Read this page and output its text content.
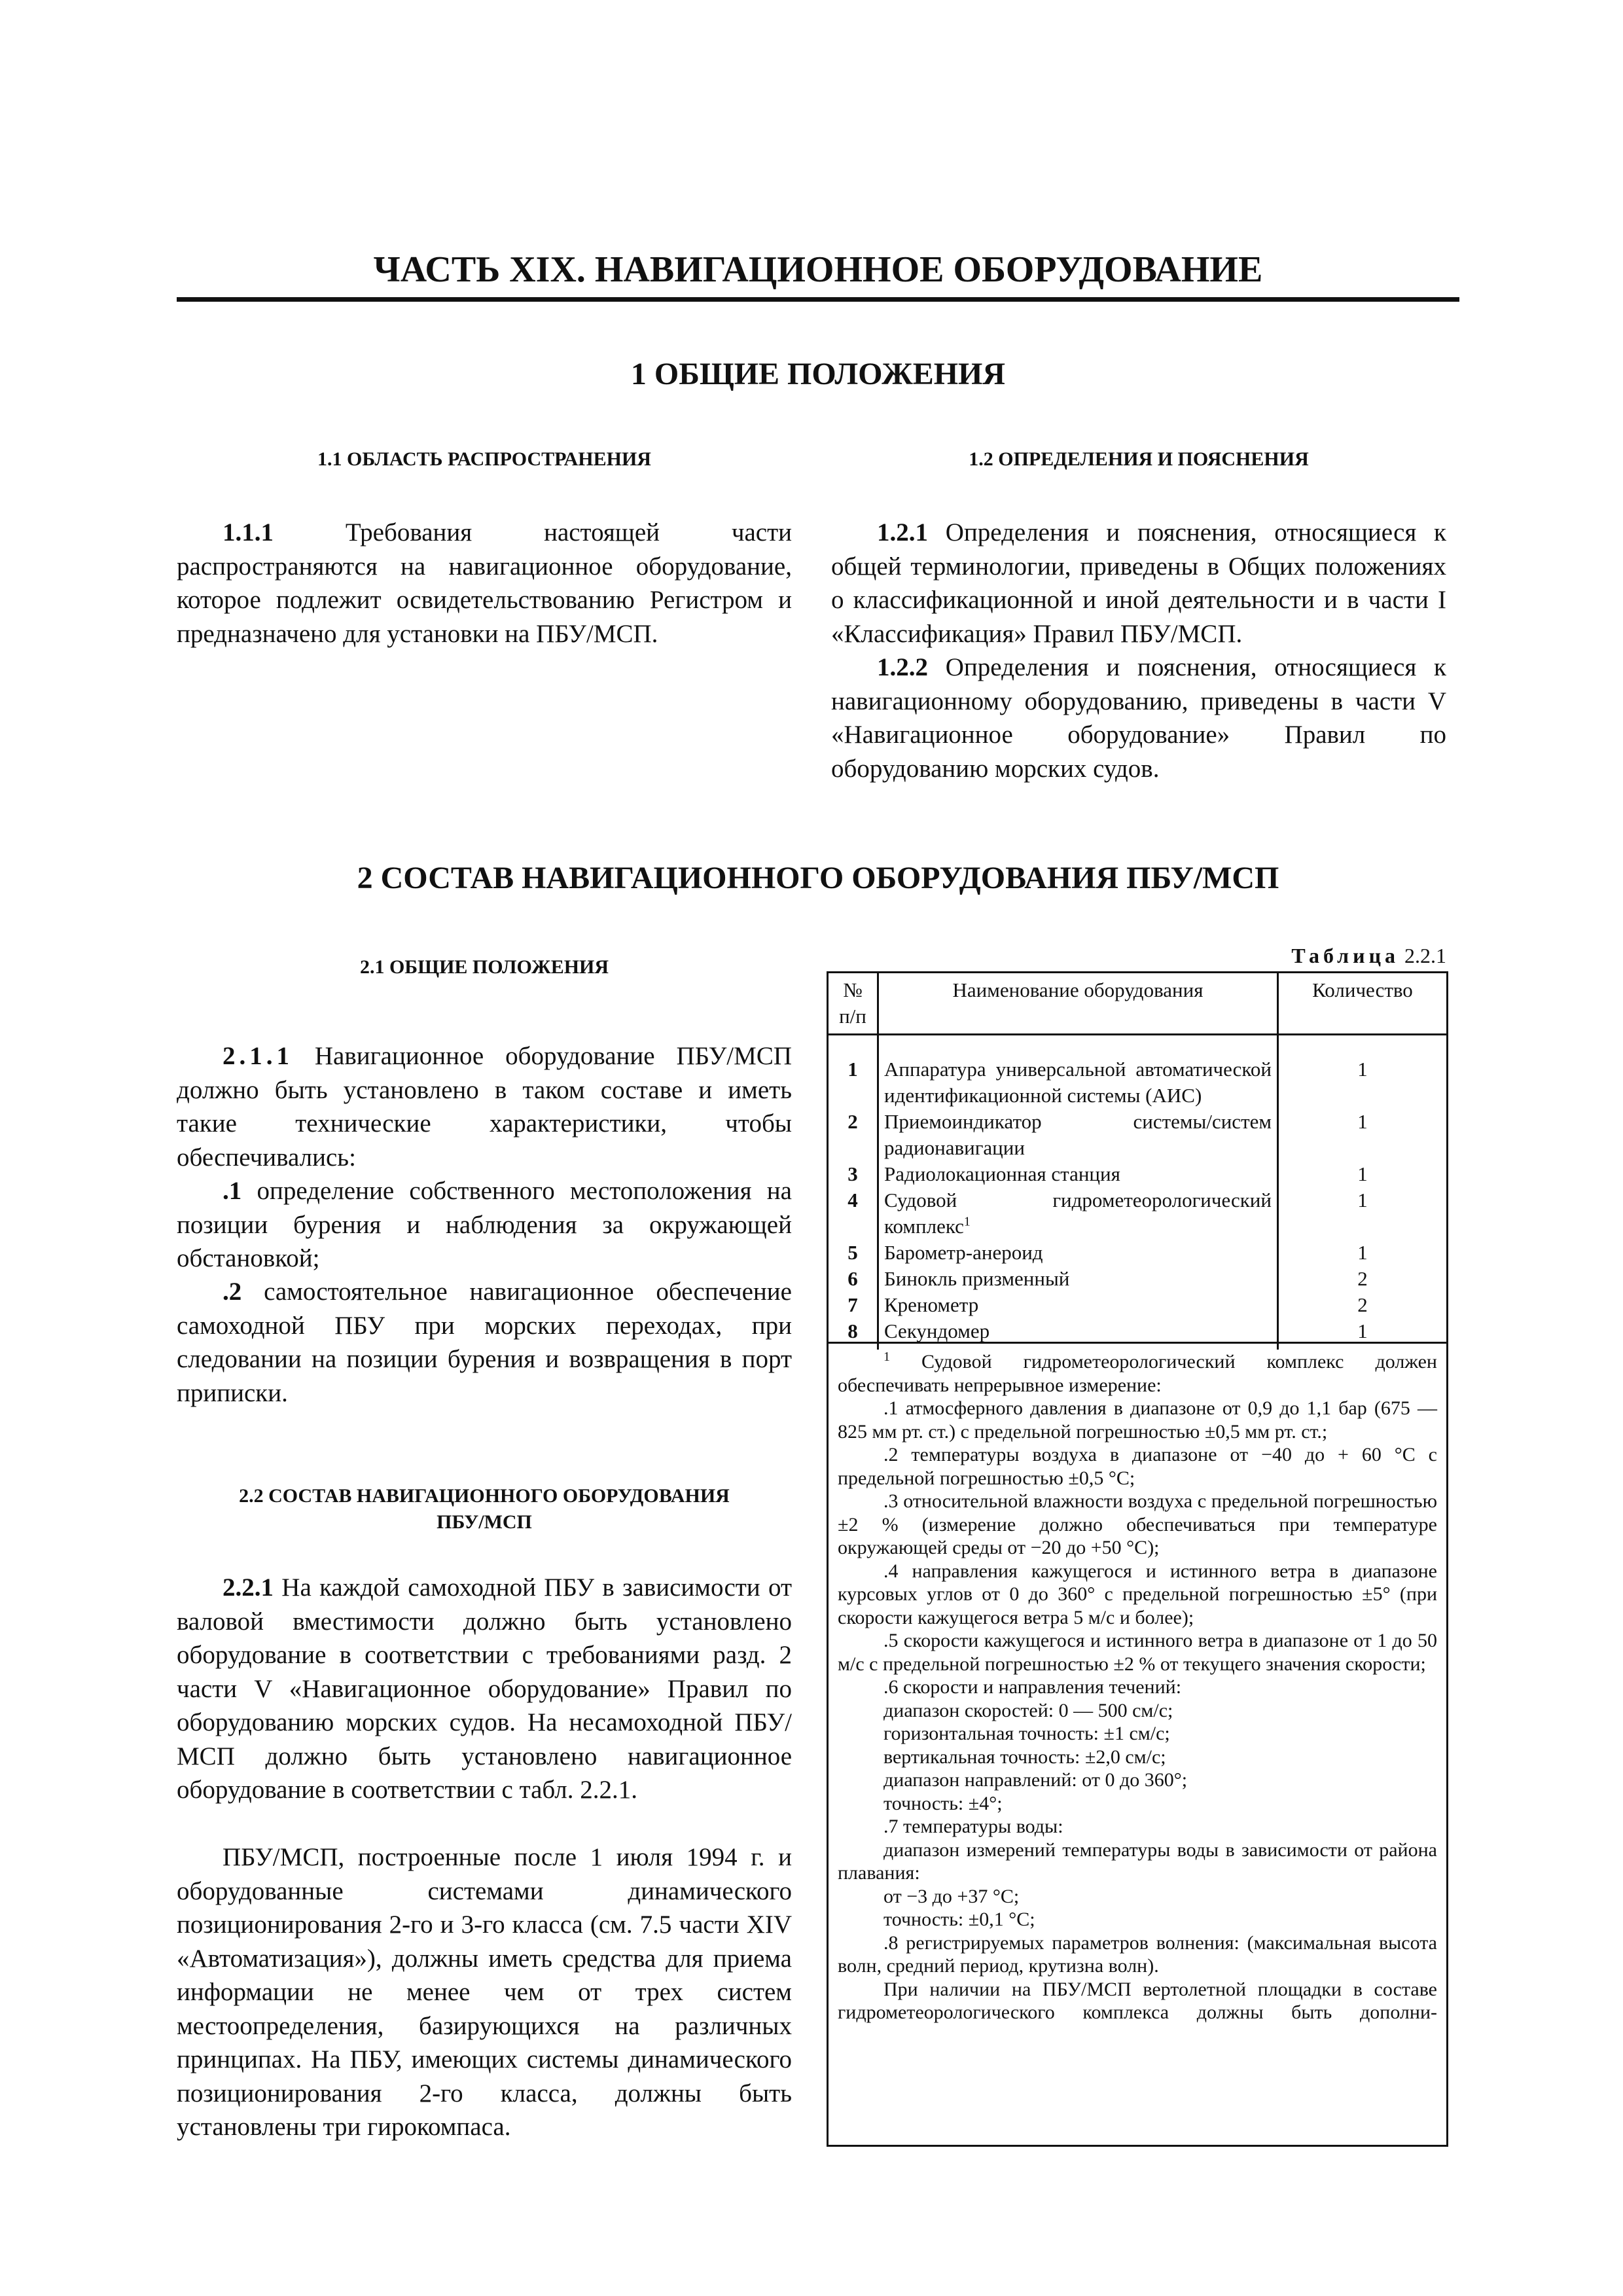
ЧАСТЬ XIX. НАВИГАЦИОННОЕ ОБОРУДОВАНИЕ
1 ОБЩИЕ ПОЛОЖЕНИЯ
1.1 ОБЛАСТЬ РАСПРОСТРАНЕНИЯ	1.2 ОПРЕДЕЛЕНИЯ И ПОЯСНЕНИЯ

1.1.1 Требования настоящей части распространяются на навигационное оборудование, которое подлежит освидетельствованию Регистром и предназначено для установки на ПБУ/МСП.

1.2.1 Определения и пояснения, относящиеся к общей терминологии, приведены в Общих положениях о классификационной и иной деятельности и в части I «Классификация» Правил ПБУ/МСП.

1.2.2 Определения и пояснения, относящиеся к навигационному оборудованию, приведены в части V «Навигационное оборудование» Правил по оборудованию морских судов.

2 СОСТАВ НАВИГАЦИОННОГО ОБОРУДОВАНИЯ ПБУ/МСП
2.1 ОБЩИЕ ПОЛОЖЕНИЯ

2.1.1 Навигационное оборудование ПБУ/МСП должно быть установлено в таком составе и иметь такие технические характеристики, чтобы обеспечивались:

.1 определение собственного местоположения на позиции бурения и наблюдения за окружающей обстановкой;

.2 самостоятельное навигационное обеспечение самоходной ПБУ при морских переходах, при следовании на позиции бурения и возвращения в порт приписки.

2.2 СОСТАВ НАВИГАЦИОННОГО ОБОРУДОВАНИЯ
ПБУ/МСП

2.2.1 На каждой самоходной ПБУ в зависимости от валовой вместимости должно быть установлено оборудование в соответствии с требованиями разд. 2 части V «Навигационное оборудование» Правил по оборудованию морских судов. На несамоходной ПБУ/МСП должно быть установлено навигационное оборудование в соответствии с табл. 2.2.1.

ПБУ/МСП, построенные после 1 июля 1994 г. и оборудованные системами динамического позиционирования 2-го и 3-го класса (см. 7.5 части XIV «Автоматизация»), должны иметь средства для приема информации не менее чем от трех систем местоопределения, базирующихся на различных принципах. На ПБУ, имеющих системы динамического позиционирования 2-го класса, должны быть установлены три гирокомпаса.

Таблица 2.2.1
№ п/п	Наименование оборудования	Количество

1	Аппаратура универсальной автоматической идентификационной системы (АИС)	1
2	Приемоиндикатор системы/систем радионавигации	1
3	Радиолокационная станция	1
4	Судовой гидрометеорологический комплекс$^1$	1
5	Барометр-анероид	1
6	Бинокль призменный	2
7	Кренометр	2
8	Секундомер	1

$^1$ Судовой гидрометеорологический комплекс должен обеспечивать непрерывное измерение:

.1 атмосферного давления в диапазоне от 0,9 до 1,1 бар (675 — 825 мм рт. ст.) с предельной погрешностью ±0,5 мм рт. ст.;

.2 температуры воздуха в диапазоне от −40 до + 60 °C с предельной погрешностью ±0,5 °C;

.3 относительной влажности воздуха с предельной погрешностью ±2 % (измерение должно обеспечиваться при температуре окружающей среды от −20 до +50 °C);

.4 направления кажущегося и истинного ветра в диапазоне курсовых углов от 0 до 360° с предельной погрешностью ±5° (при скорости кажущегося ветра 5 м/с и более);

.5 скорости кажущегося и истинного ветра в диапазоне от 1 до 50 м/с с предельной погрешностью ±2 % от текущего значения скорости;

.6 скорости и направления течений:

диапазон скоростей: 0 — 500 см/с;

горизонтальная точность: ±1 см/с;

вертикальная точность: ±2,0 см/с;

диапазон направлений: от 0 до 360°;

точность: ±4°;

.7 температуры воды:

диапазон измерений температуры воды в зависимости от района плавания:

от −3 до +37 °C;

точность: ±0,1 °C;

.8 регистрируемых параметров волнения: (максимальная высота волн, средний период, крутизна волн).

При наличии на ПБУ/МСП вертолетной площадки в составе гидрометеорологического комплекса должны быть дополни-
